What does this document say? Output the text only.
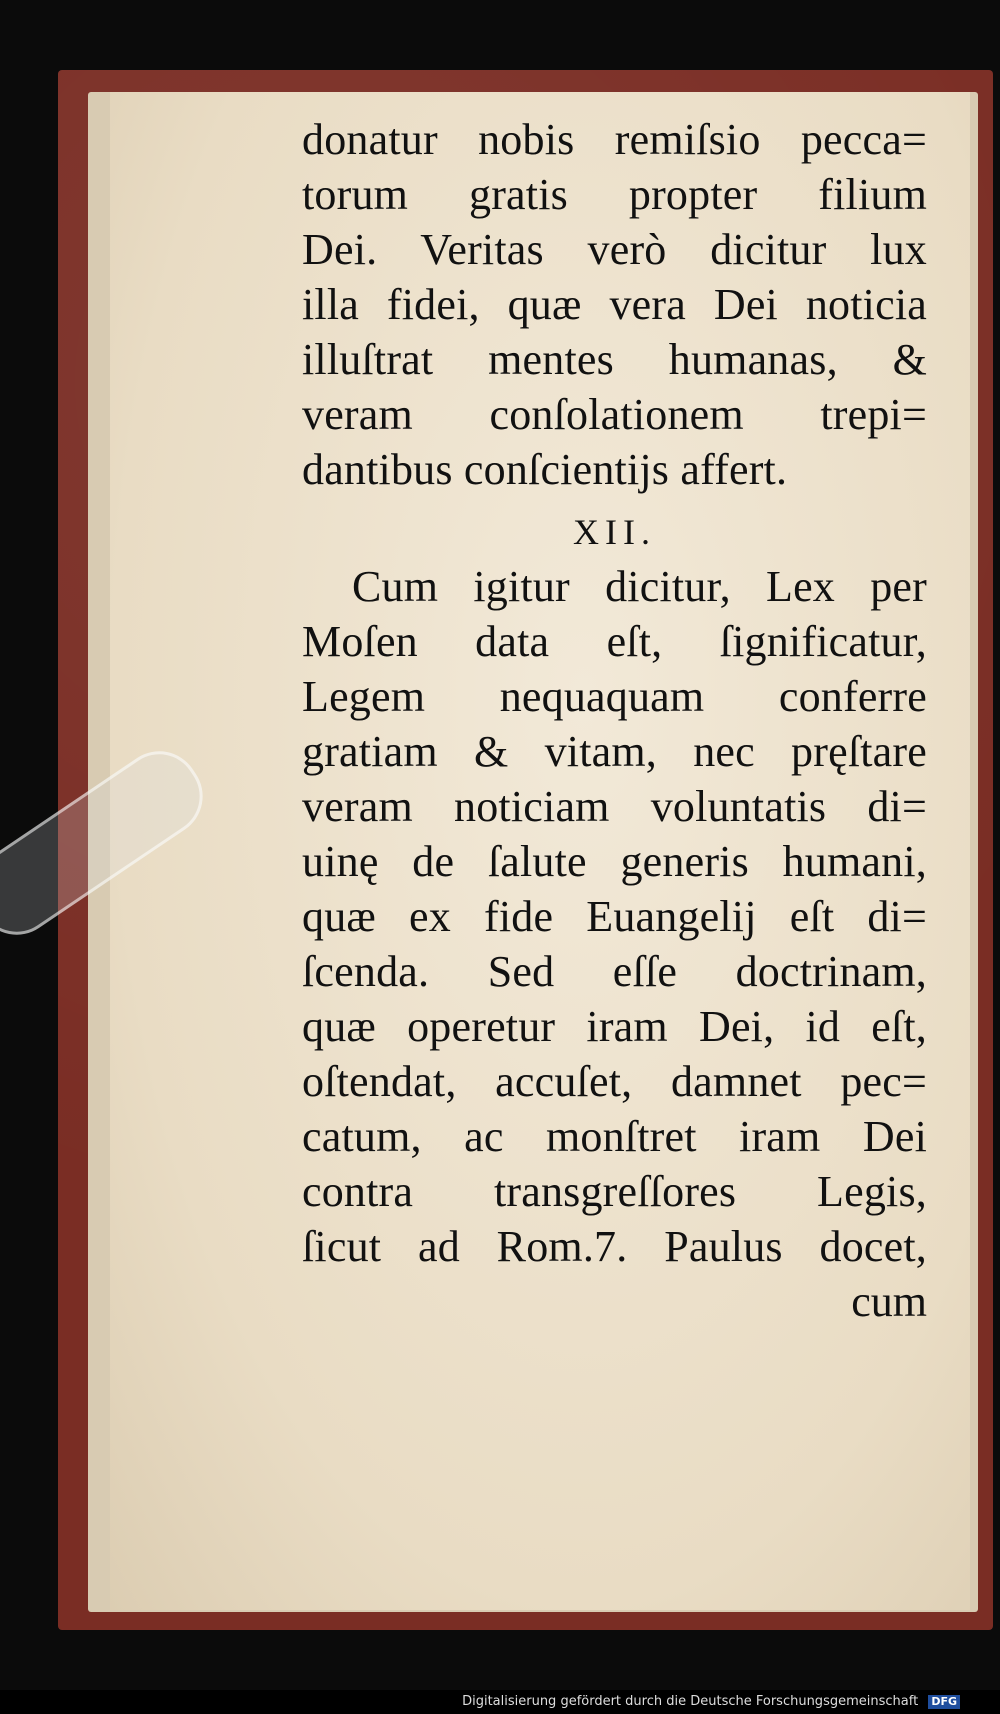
donatur nobis remiſsio pecca=
torum gratis propter filium
Dei. Veritas verò dicitur lux
illa fidei, quæ vera Dei noticia
illuſtrat mentes humanas, &
veram conſolationem trepi=
dantibus conſcientijs affert.
XII.
Cum igitur dicitur, Lex per
Moſen data eſt, ſignificatur,
Legem nequaquam conferre
gratiam & vitam, nec pręſtare
veram noticiam voluntatis di=
uinę de ſalute generis humani,
quæ ex fide Euangelij eſt di=
ſcenda. Sed eſſe doctrinam,
quæ operetur iram Dei, id eſt,
oſtendat, accuſet, damnet pec=
catum, ac monſtret iram Dei
contra transgreſſores Legis,
ſicut ad Rom.7. Paulus docet,
cum
Digitalisierung gefördert durch die Deutsche Forschungsgemeinschaft DFG
